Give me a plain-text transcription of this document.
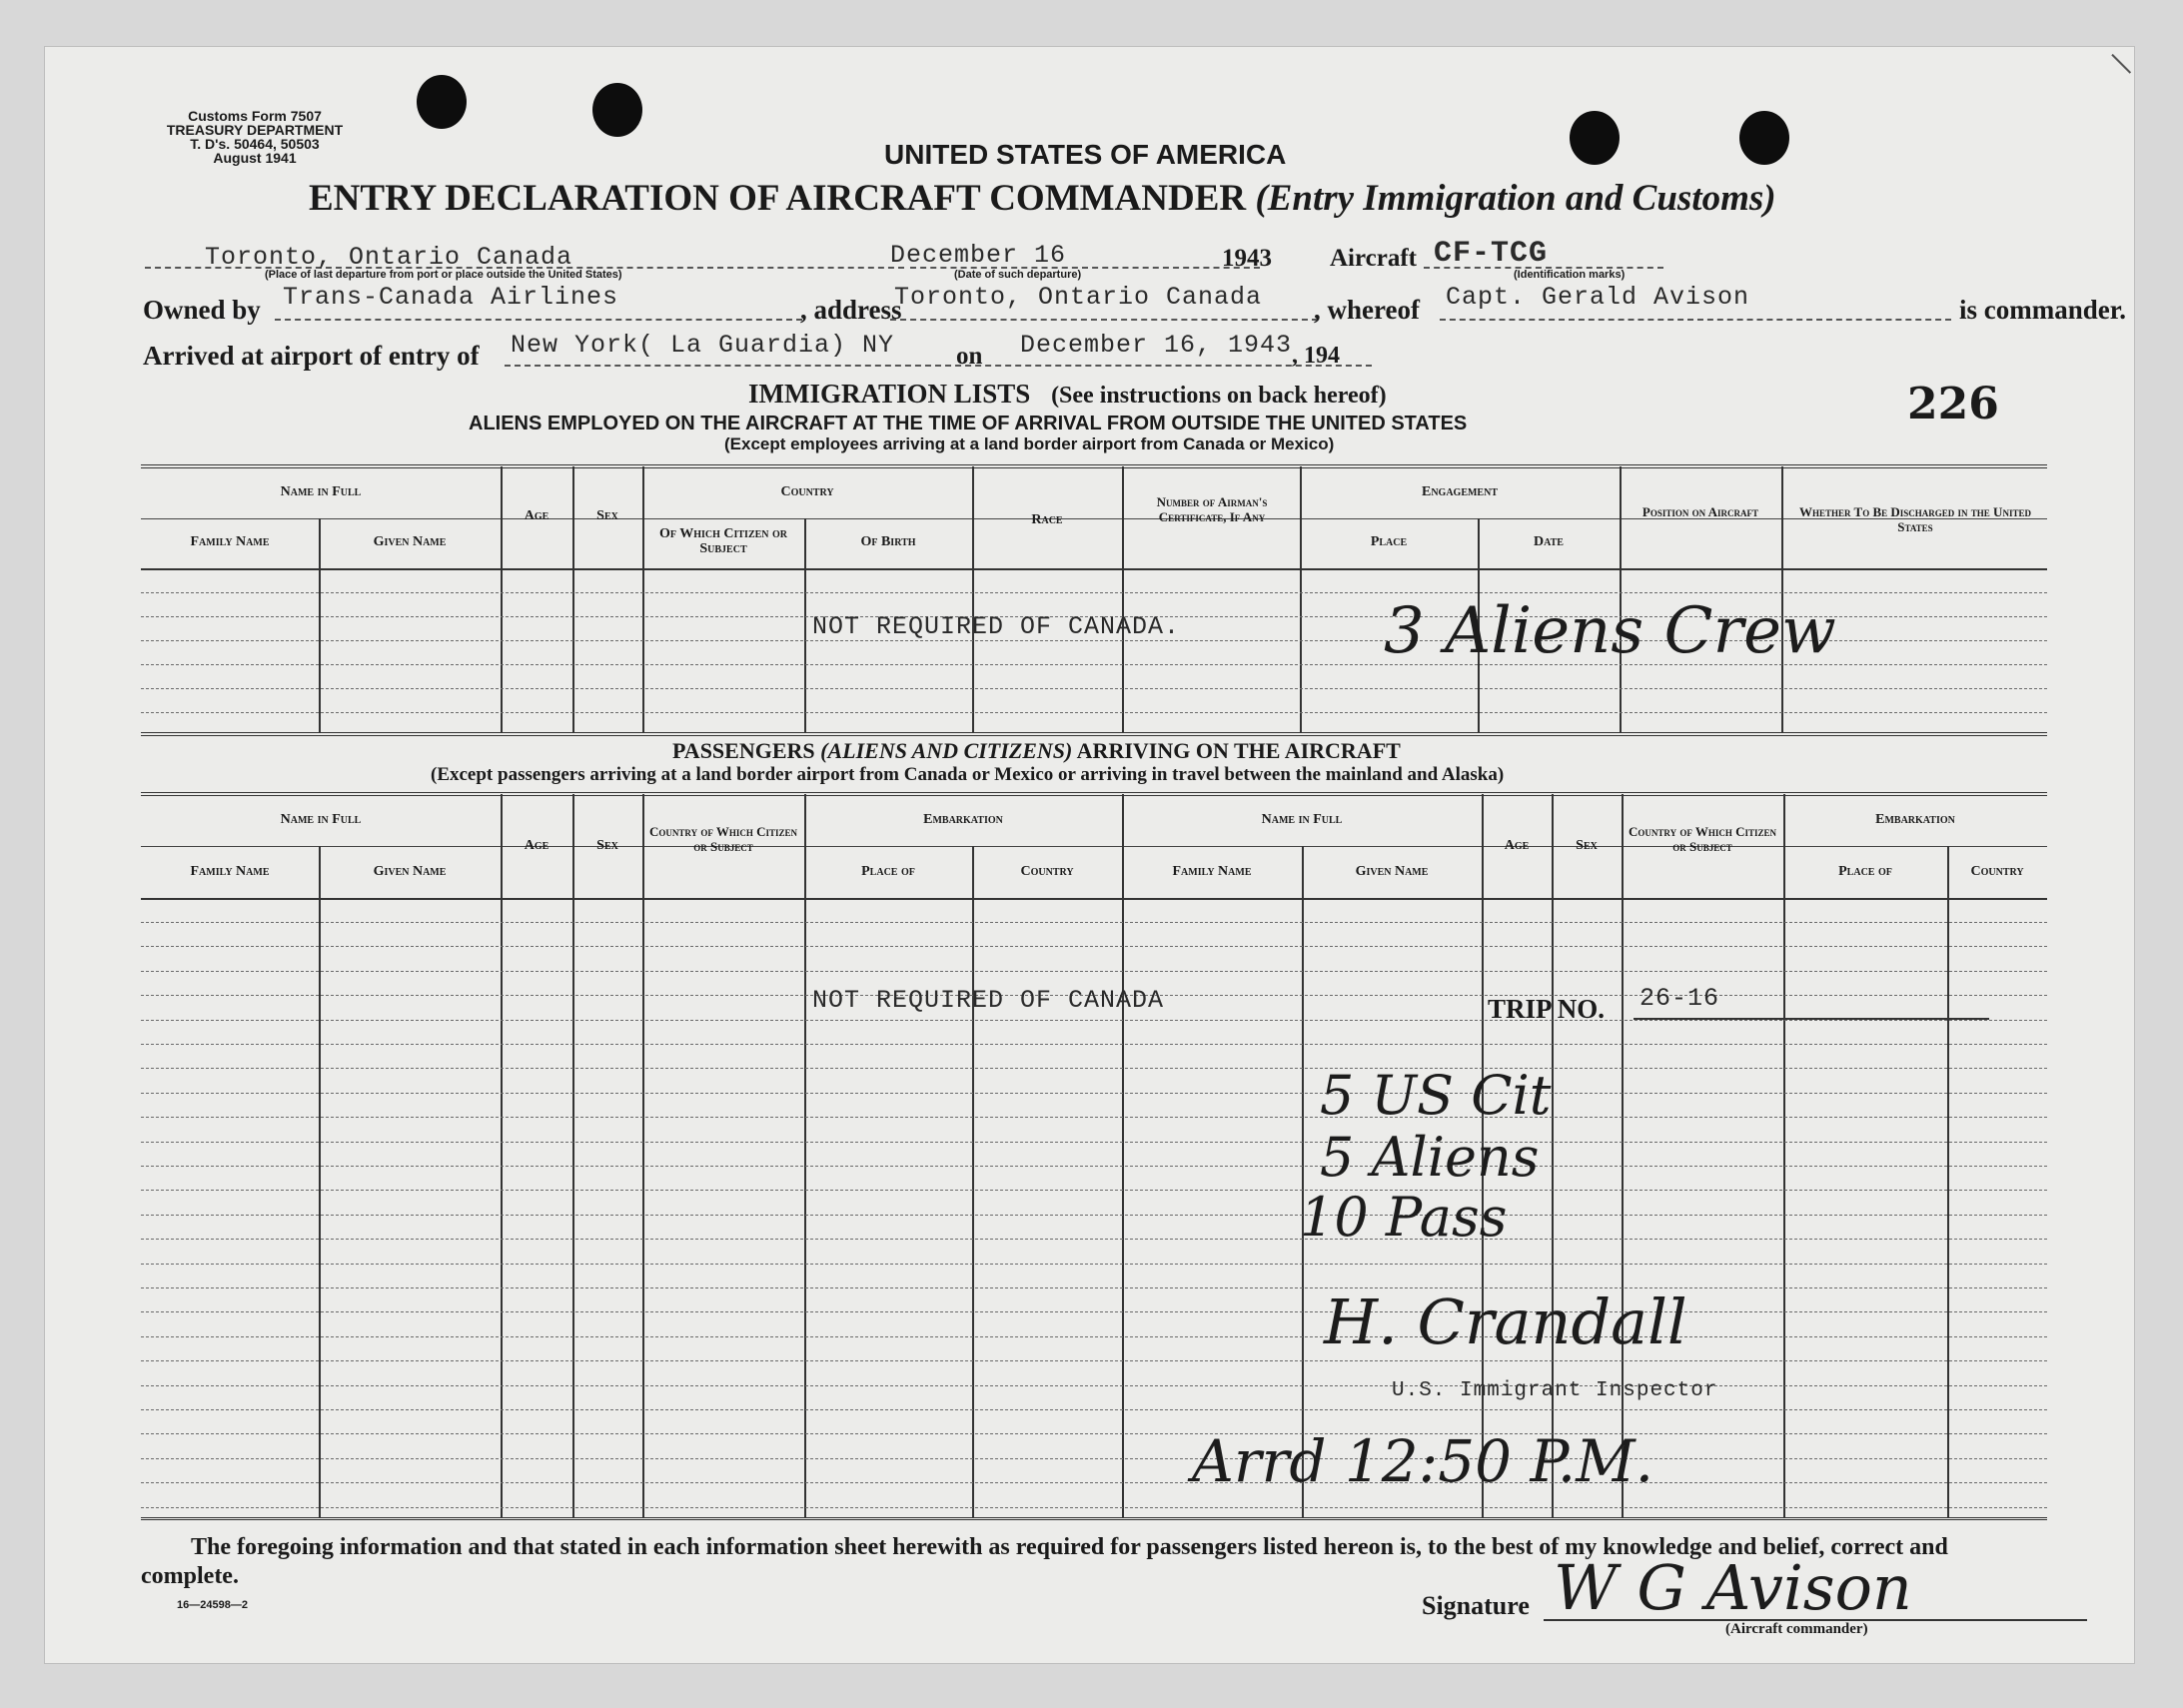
Customs Form 7507
TREASURY DEPARTMENT
T. D's. 50464, 50503
August 1941	UNITED STATES OF AMERICA
ENTRY DECLARATION OF AIRCRAFT COMMANDER (Entry Immigration and Customs)
Toronto, Ontario Canada
(Place of last departure from port or place outside the United States)
December 16
(Date of such departure)
1943 Aircraft CF-TCG
(Identification marks)
Owned by Trans-Canada Airlines	, address
Toronto, Ontario Canada , whereof Capt. Gerald Avison	is commander.
Arrived at airport of entry of New York( La Guardia) NY on December 16, 1943 , 194
IMMIGRATION LISTS (See instructions on back hereof)
ALIENS EMPLOYED ON THE AIRCRAFT AT THE TIME OF ARRIVAL FROM OUTSIDE THE UNITED STATES
(Except employees arriving at a land border airport from Canada or Mexico)
226
Name in Full
Family Name	Given Name
Age	Sex
Country
Of Which Citizen or Subject	Of Birth
Race
Number of Airman's Certificate, If Any
Engagement
Place	Date
Position on Aircraft	Whether To Be Discharged in the United States
NOT REQUIRED OF CANADA.	3 Aliens Crew
PASSENGERS (ALIENS AND CITIZENS) ARRIVING ON THE AIRCRAFT
(Except passengers arriving at a land border airport from Canada or Mexico or arriving in travel between the mainland and Alaska)
Name in Full
Family Name	Given Name
Age	Sex
Country of Which Citizen or Subject
Embarkation
Place of	Country
Name in Full
Family Name	Given Name
Age	Sex
Country of Which Citizen or Subject
Embarkation
Place of	Country
NOT REQUIRED OF CANADA	TRIP NO. 26-16
5 US Cit
5 Aliens
10 Pass
H. Crandall
U.S. Immigrant Inspector
Arrd 12:50 P.M.
The foregoing information and that stated in each information sheet herewith as required for passengers listed hereon is, to the best of my knowledge and belief, correct and complete.
16—24598—2	Signature W G Avison
(Aircraft commander)
